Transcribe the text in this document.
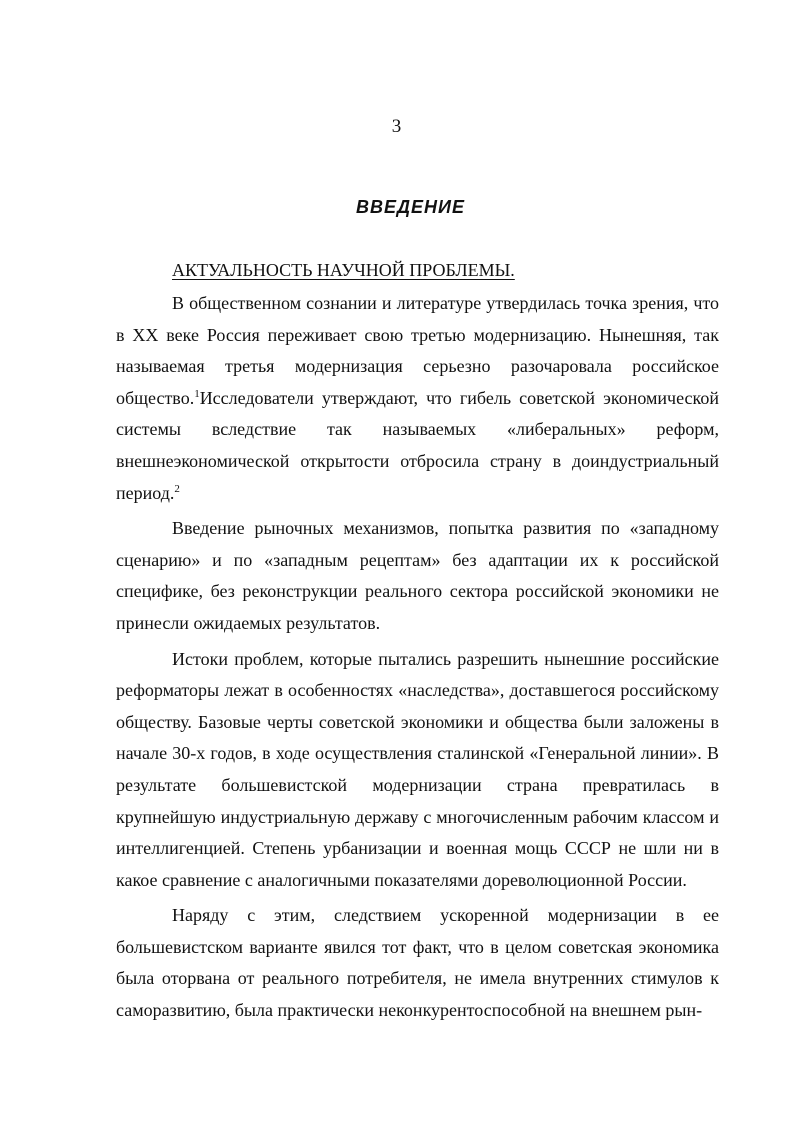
3
ВВЕДЕНИЕ
АКТУАЛЬНОСТЬ НАУЧНОЙ ПРОБЛЕМЫ.

В общественном сознании и литературе утвердилась точка зрения, что в XX веке Россия переживает свою третью модернизацию. Нынешняя, так называемая третья модернизация серьезно разочаровала российское общество.$^1$Исследователи утверждают, что гибель советской экономической системы вследствие так называемых «либеральных» реформ, внешнеэкономической открытости отбросила страну в доиндустриальный период.$^2$

Введение рыночных механизмов, попытка развития по «западному сценарию» и по «западным рецептам» без адаптации их к российской специфике, без реконструкции реального сектора российской экономики не принесли ожидаемых результатов.

Истоки проблем, которые пытались разрешить нынешние российские реформаторы лежат в особенностях «наследства», доставшегося российскому обществу. Базовые черты советской экономики и общества были заложены в начале 30-х годов, в ходе осуществления сталинской «Генеральной линии». В результате большевистской модернизации страна превратилась в крупнейшую индустриальную державу с многочисленным рабочим классом и интеллигенцией. Степень урбанизации и военная мощь СССР не шли ни в какое сравнение с аналогичными показателями дореволюционной России.

Наряду с этим, следствием ускоренной модернизации в ее большевистском варианте явился тот факт, что в целом советская экономика была оторвана от реального потребителя, не имела внутренних стимулов к саморазвитию, была практически неконкурентоспособной на внешнем рын-
